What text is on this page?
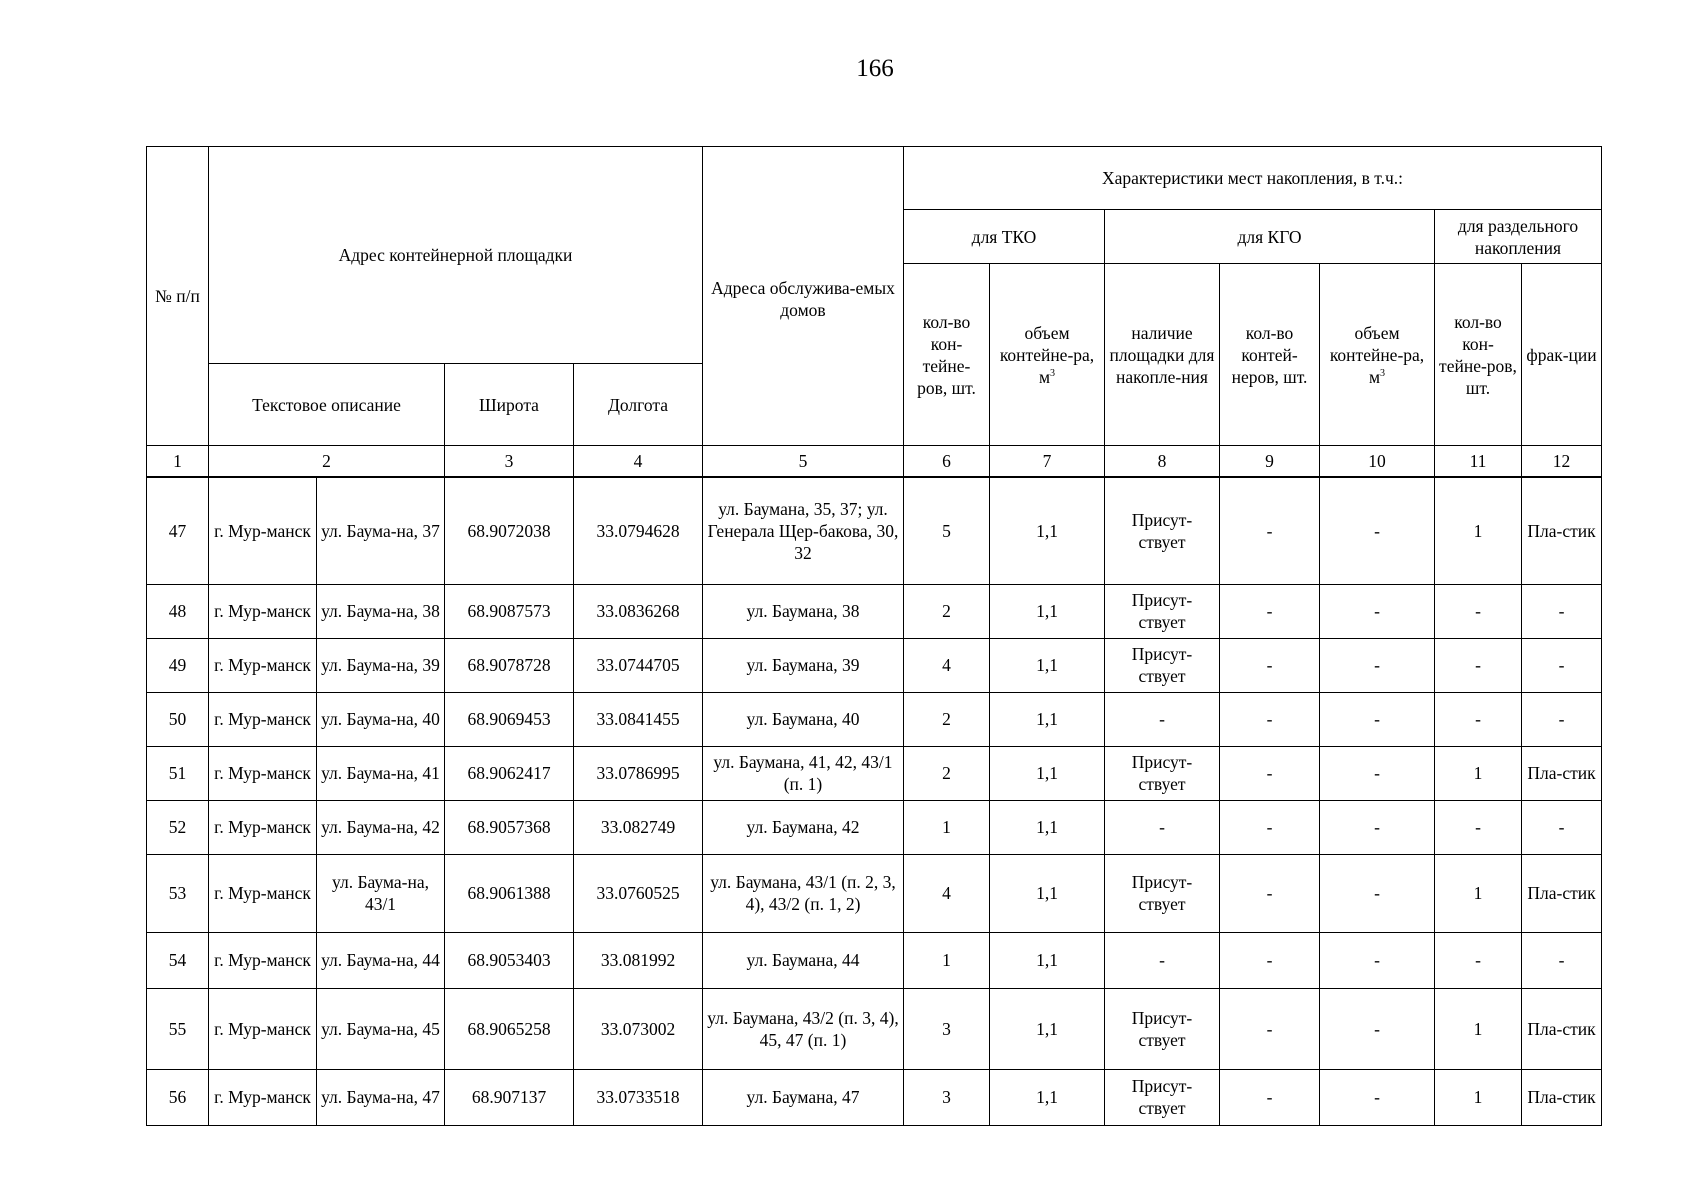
166
№ п/п	Адрес контейнерной площадки				Адреса обслужива-емых домов	Характеристики мест накопления, в т.ч.:						
						для ТКО		для КГО			для раздельного накопления	
						кол-во кон-тейне-ров, шт.	объем контейне-ра, $м^3$	наличие площадки для накопле-ния	кол-во контей-неров, шт.	объем контейне-ра, $м^3$	кол-во кон-тейне-ров, шт.	фрак-ции
	Текстовое описание		Широта	Долгота								
1	2		3	4	5	6	7	8	9	10	11	12
47	г. Мур-манск	ул. Баума-на, 37	68.9072038	33.0794628	ул. Баумана, 35, 37; ул. Генерала Щер-бакова, 30, 32	5	1,1	Присут-ствует	-	-	1	Пла-стик
48	г. Мур-манск	ул. Баума-на, 38	68.9087573	33.0836268	ул. Баумана, 38	2	1,1	Присут-ствует	-	-	-	-
49	г. Мур-манск	ул. Баума-на, 39	68.9078728	33.0744705	ул. Баумана, 39	4	1,1	Присут-ствует	-	-	-	-
50	г. Мур-манск	ул. Баума-на, 40	68.9069453	33.0841455	ул. Баумана, 40	2	1,1	-	-	-	-	-
51	г. Мур-манск	ул. Баума-на, 41	68.9062417	33.0786995	ул. Баумана, 41, 42, 43/1 (п. 1)	2	1,1	Присут-ствует	-	-	1	Пла-стик
52	г. Мур-манск	ул. Баума-на, 42	68.9057368	33.082749	ул. Баумана, 42	1	1,1	-	-	-	-	-
53	г. Мур-манск	ул. Баума-на, 43/1	68.9061388	33.0760525	ул. Баумана, 43/1 (п. 2, 3, 4), 43/2 (п. 1, 2)	4	1,1	Присут-ствует	-	-	1	Пла-стик
54	г. Мур-манск	ул. Баума-на, 44	68.9053403	33.081992	ул. Баумана, 44	1	1,1	-	-	-	-	-
55	г. Мур-манск	ул. Баума-на, 45	68.9065258	33.073002	ул. Баумана, 43/2 (п. 3, 4), 45, 47 (п. 1)	3	1,1	Присут-ствует	-	-	1	Пла-стик
56	г. Мур-манск	ул. Баума-на, 47	68.907137	33.0733518	ул. Баумана, 47	3	1,1	Присут-ствует	-	-	1	Пла-стик
